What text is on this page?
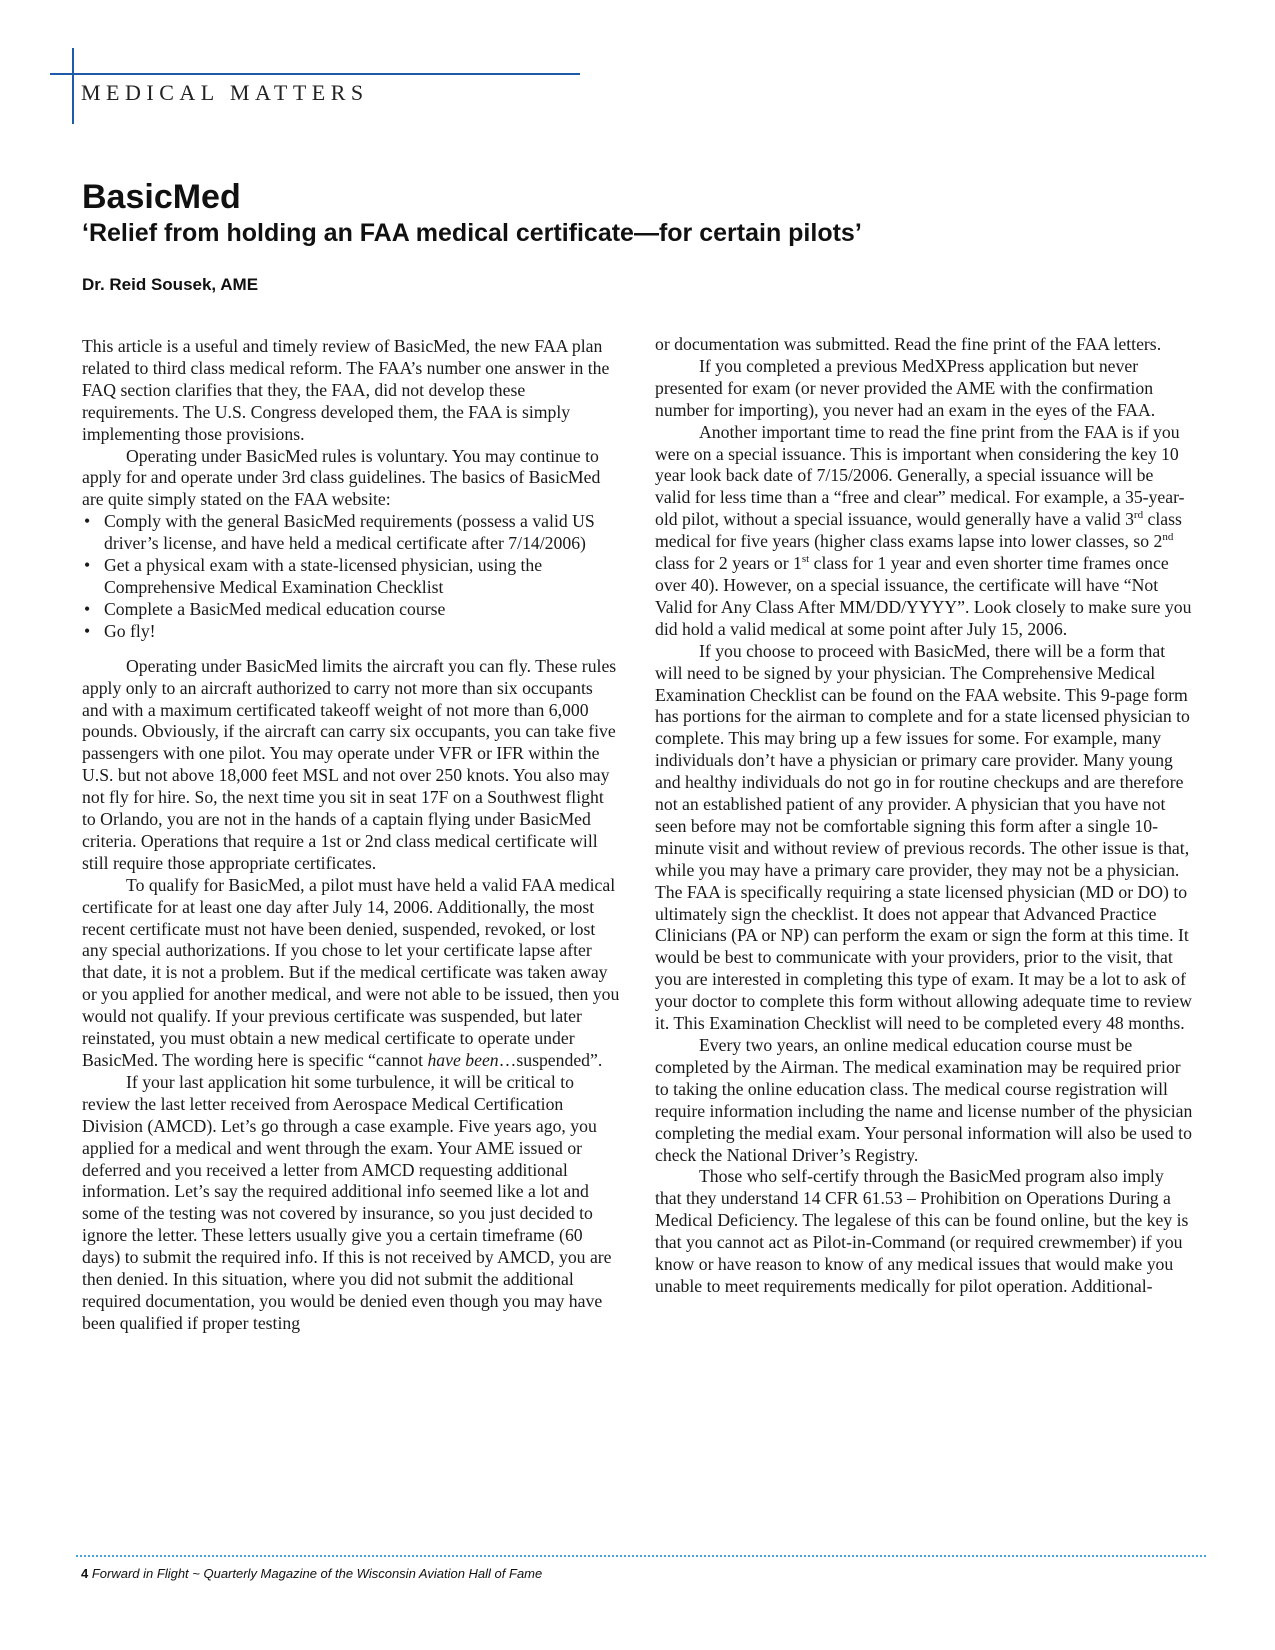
MEDICAL MATTERS
BasicMed
‘Relief from holding an FAA medical certificate—for certain pilots’
Dr. Reid Sousek, AME

This article is a useful and timely review of BasicMed, the new FAA plan related to third class medical reform. The FAA’s number one answer in the FAQ section clarifies that they, the FAA, did not develop these requirements. The U.S. Congress developed them, the FAA is simply implementing those provisions.

Operating under BasicMed rules is voluntary. You may continue to apply for and operate under 3rd class guidelines. The basics of BasicMed are quite simply stated on the FAA website:

• Comply with the general BasicMed requirements (possess a valid US driver’s license, and have held a medical certificate after 7/14/2006)
• Get a physical exam with a state-licensed physician, using the Comprehensive Medical Examination Checklist
• Complete a BasicMed medical education course
• Go fly!

Operating under BasicMed limits the aircraft you can fly. These rules apply only to an aircraft authorized to carry not more than six occupants and with a maximum certificated takeoff weight of not more than 6,000 pounds. Obviously, if the aircraft can carry six occupants, you can take five passengers with one pilot. You may operate under VFR or IFR within the U.S. but not above 18,000 feet MSL and not over 250 knots. You also may not fly for hire. So, the next time you sit in seat 17F on a Southwest flight to Orlando, you are not in the hands of a captain flying under BasicMed criteria. Operations that require a 1st or 2nd class medical certificate will still require those appropriate certificates.

To qualify for BasicMed, a pilot must have held a valid FAA medical certificate for at least one day after July 14, 2006. Additionally, the most recent certificate must not have been denied, suspended, revoked, or lost any special authorizations. If you chose to let your certificate lapse after that date, it is not a problem. But if the medical certificate was taken away or you applied for another medical, and were not able to be issued, then you would not qualify. If your previous certificate was suspended, but later reinstated, you must obtain a new medical certificate to operate under BasicMed. The wording here is specific “cannot have been…suspended”.

If your last application hit some turbulence, it will be critical to review the last letter received from Aerospace Medical Certification Division (AMCD). Let’s go through a case example. Five years ago, you applied for a medical and went through the exam. Your AME issued or deferred and you received a letter from AMCD requesting additional information. Let’s say the required additional info seemed like a lot and some of the testing was not covered by insurance, so you just decided to ignore the letter. These letters usually give you a certain timeframe (60 days) to submit the required info. If this is not received by AMCD, you are then denied. In this situation, where you did not submit the additional required documentation, you would be denied even though you may have been qualified if proper testing

or documentation was submitted. Read the fine print of the FAA letters.

If you completed a previous MedXPress application but never presented for exam (or never provided the AME with the confirmation number for importing), you never had an exam in the eyes of the FAA.

Another important time to read the fine print from the FAA is if you were on a special issuance. This is important when considering the key 10 year look back date of 7/15/2006. Generally, a special issuance will be valid for less time than a “free and clear” medical. For example, a 35-year-old pilot, without a special issuance, would generally have a valid 3rd class medical for five years (higher class exams lapse into lower classes, so 2nd class for 2 years or 1st class for 1 year and even shorter time frames once over 40). However, on a special issuance, the certificate will have “Not Valid for Any Class After MM/DD/YYYY”. Look closely to make sure you did hold a valid medical at some point after July 15, 2006.

If you choose to proceed with BasicMed, there will be a form that will need to be signed by your physician. The Comprehensive Medical Examination Checklist can be found on the FAA website. This 9-page form has portions for the airman to complete and for a state licensed physician to complete. This may bring up a few issues for some. For example, many individuals don’t have a physician or primary care provider. Many young and healthy individuals do not go in for routine checkups and are therefore not an established patient of any provider. A physician that you have not seen before may not be comfortable signing this form after a single 10-minute visit and without review of previous records. The other issue is that, while you may have a primary care provider, they may not be a physician. The FAA is specifically requiring a state licensed physician (MD or DO) to ultimately sign the checklist. It does not appear that Advanced Practice Clinicians (PA or NP) can perform the exam or sign the form at this time. It would be best to communicate with your providers, prior to the visit, that you are interested in completing this type of exam. It may be a lot to ask of your doctor to complete this form without allowing adequate time to review it. This Examination Checklist will need to be completed every 48 months.

Every two years, an online medical education course must be completed by the Airman. The medical examination may be required prior to taking the online education class. The medical course registration will require information including the name and license number of the physician completing the medial exam. Your personal information will also be used to check the National Driver’s Registry.

Those who self-certify through the BasicMed program also imply that they understand 14 CFR 61.53 – Prohibition on Operations During a Medical Deficiency. The legalese of this can be found online, but the key is that you cannot act as Pilot-in-Command (or required crewmember) if you know or have reason to know of any medical issues that would make you unable to meet requirements medically for pilot operation. Additional-

4 Forward in Flight ~ Quarterly Magazine of the Wisconsin Aviation Hall of Fame
